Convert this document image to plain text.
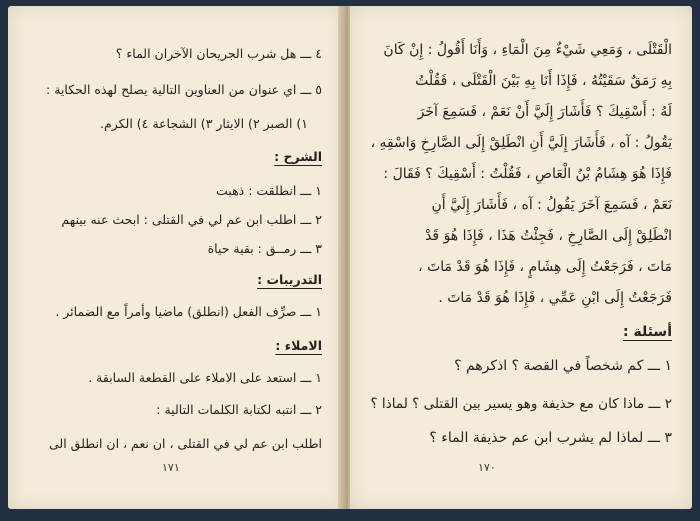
٤ ـــ هل شرب الجريحان الآخران الماء ؟
٥ ـــ اي عنوان من العناوين التالية يصلح لهذه الحكاية :
١) الصبر ٢) الايثار ٣) الشجاعة ٤) الكرم.
الشرح :
١ ـــ انطلقت : ذهبت
٢ ـــ اطلب ابن عم لي في القتلى : ابحث عنه بينهم
٣ ـــ رمــق : بقية حياة
التدريبات :
١ ـــ صرِّف الفعل (انطلق) ماضيا وأمراً مع الضمائر .
الاملاء :
١ ـــ استعد على الاملاء على القطعة السابقة .
٢ ـــ انتبه لكتابة الكلمات التالية :
اطلب ابن عم لي في القتلى ، ان نعم ، ان انطلق الى
١٧١
الْقَتْلَى ، وَمَعِي شَيْءٌ مِنَ الْمَاءِ ، وَأَنَا أَقُولُ : إِنْ كَانَ
بِهِ رَمَقٌ سَقَيْتُهُ ، فَإِذَا أَنَا بِهِ بَيْنَ الْقَتْلَى ، فَقُلْتُ
لَهُ : أَسْقِيكَ ؟ فَأَشَارَ إِلَيَّ أَنْ نَعَمْ ، فَسَمِعَ آخَرَ
يَقُولُ : آه ، فَأَشَارَ إِلَيَّ أَنِ انْطَلِقْ إِلَى الصَّارِخِ وَاسْقِهِ ،
فَإِذَا هُوَ هِشَامُ بْنُ الْعَاصِ ، فَقُلْتُ : أَسْقِيكَ ؟ فَقَالَ :
نَعَمْ ، فَسَمِعَ آخَرَ يَقُولُ : آه ، فَأَشَارَ إِلَيَّ أَنِ
انْطَلِقْ إِلَى الصَّارِخِ ، فَجِئْتُ هَذَا ، فَإِذَا هُوَ قَدْ
مَاتَ ، فَرَجَعْتُ إِلَى هِشَامٍ ، فَإِذَا هُوَ قَدْ مَاتَ ،
فَرَجَعْتُ إِلَى ابْنِ عَمِّي ، فَإِذَا هُوَ قَدْ مَاتَ .
أسئلة :
١ ـــ كم شخصاً في القصة ؟ اذكرهم ؟
٢ ـــ ماذا كان مع حذيفة وهو يسير بين القتلى ؟ لماذا ؟
٣ ـــ لماذا لم يشرب ابن عم حذيفة الماء ؟
١٧٠
